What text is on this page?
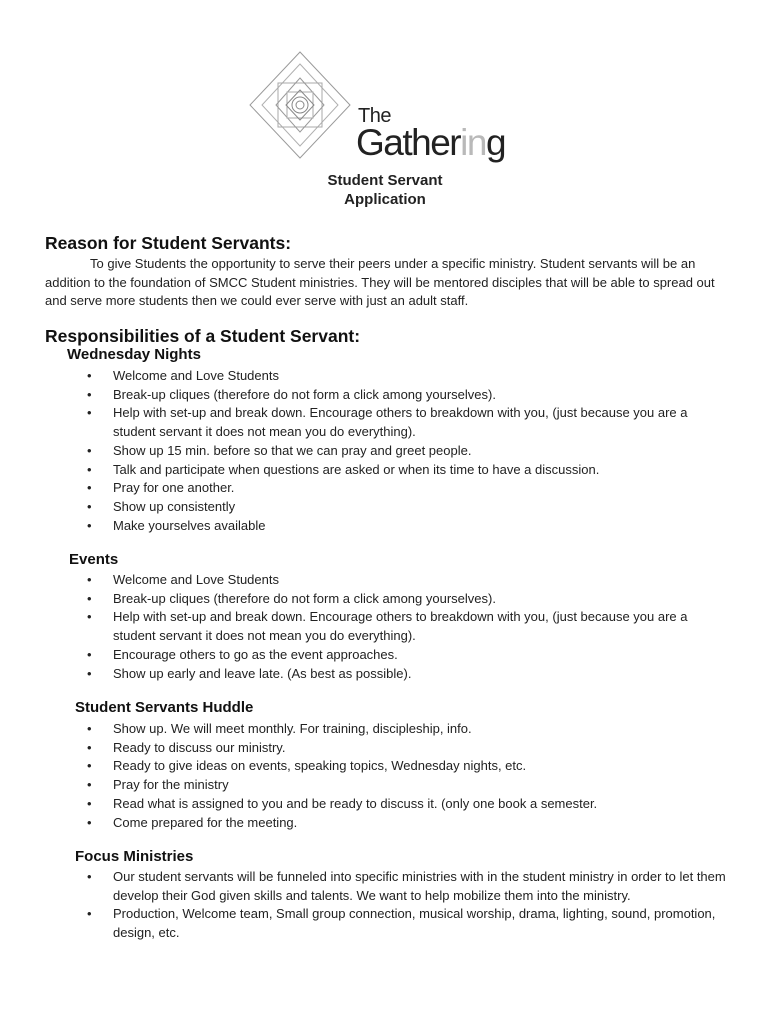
The
Gathering
Student Servant
Application
Reason for Student Servants:
To give Students the opportunity to serve their peers under a specific ministry. Student servants will be an addition to the foundation of SMCC Student ministries. They will be mentored disciples that will be able to spread out and serve more students then we could ever serve with just an adult staff.
Responsibilities of a Student Servant:
Wednesday Nights
• Welcome and Love Students
• Break-up cliques (therefore do not form a click among yourselves).
• Help with set-up and break down. Encourage others to breakdown with you, (just because you are a student servant it does not mean you do everything).
• Show up 15 min. before so that we can pray and greet people.
• Talk and participate when questions are asked or when its time to have a discussion.
• Pray for one another.
• Show up consistently
• Make yourselves available
Events
• Welcome and Love Students
• Break-up cliques (therefore do not form a click among yourselves).
• Help with set-up and break down. Encourage others to breakdown with you, (just because you are a student servant it does not mean you do everything).
• Encourage others to go as the event approaches.
• Show up early and leave late. (As best as possible).
Student Servants Huddle
• Show up. We will meet monthly. For training, discipleship, info.
• Ready to discuss our ministry.
• Ready to give ideas on events, speaking topics, Wednesday nights, etc.
• Pray for the ministry
• Read what is assigned to you and be ready to discuss it. (only one book a semester.
• Come prepared for the meeting.
Focus Ministries
• Our student servants will be funneled into specific ministries with in the student ministry in order to let them develop their God given skills and talents. We want to help mobilize them into the ministry.
• Production, Welcome team, Small group connection, musical worship, drama, lighting, sound, promotion, design, etc.
